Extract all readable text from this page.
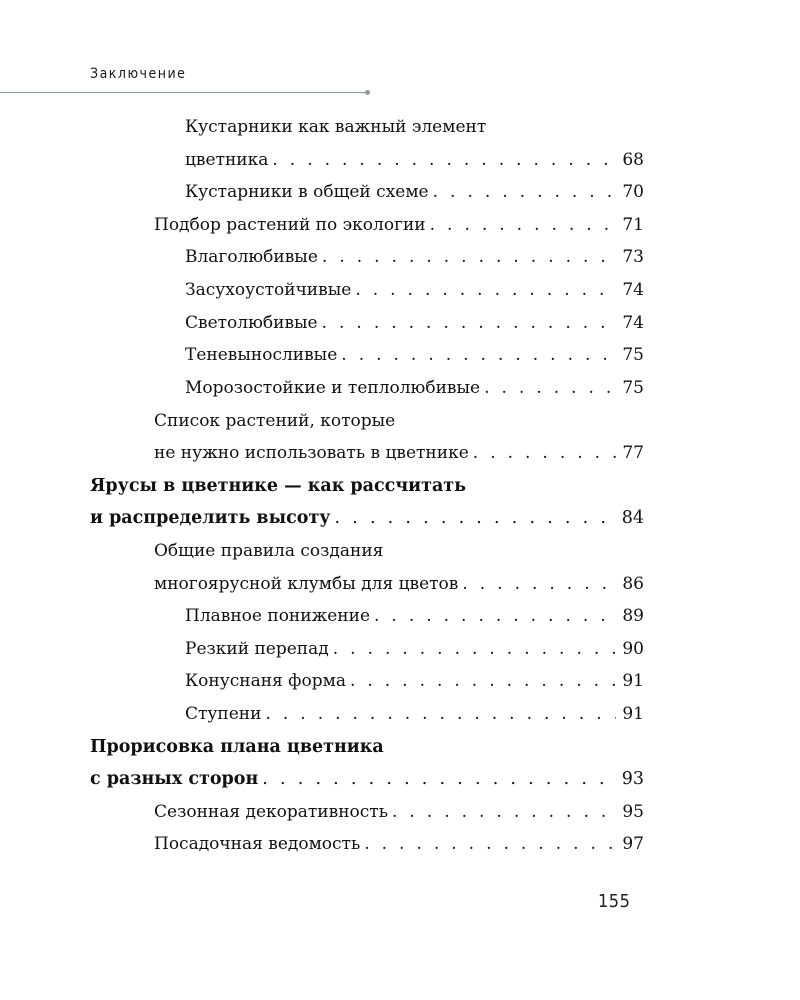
Заключение
Кустарники как важный элемент
цветника . . .	68
Кустарники в общей схеме . . .	70
Подбор растений по экологии . . .	71
Влаголюбивые . . .	73
Засухоустойчивые . . .	74
Светолюбивые . . .	74
Теневыносливые . . .	75
Морозостойкие и теплолюбивые . . .	75
Список растений, которые
не нужно использовать в цветнике . . .	77
Ярусы в цветнике — как рассчитать
и распределить высоту . . .	84
Общие правила создания
многоярусной клумбы для цветов . . .	86
Плавное понижение . . .	89
Резкий перепад . . .	90
Конуснаня форма . . .	91
Ступени . . .	91
Прорисовка плана цветника
с разных сторон . . .	93
Сезонная декоративность . . .	95
Посадочная ведомость . . .	97
155
